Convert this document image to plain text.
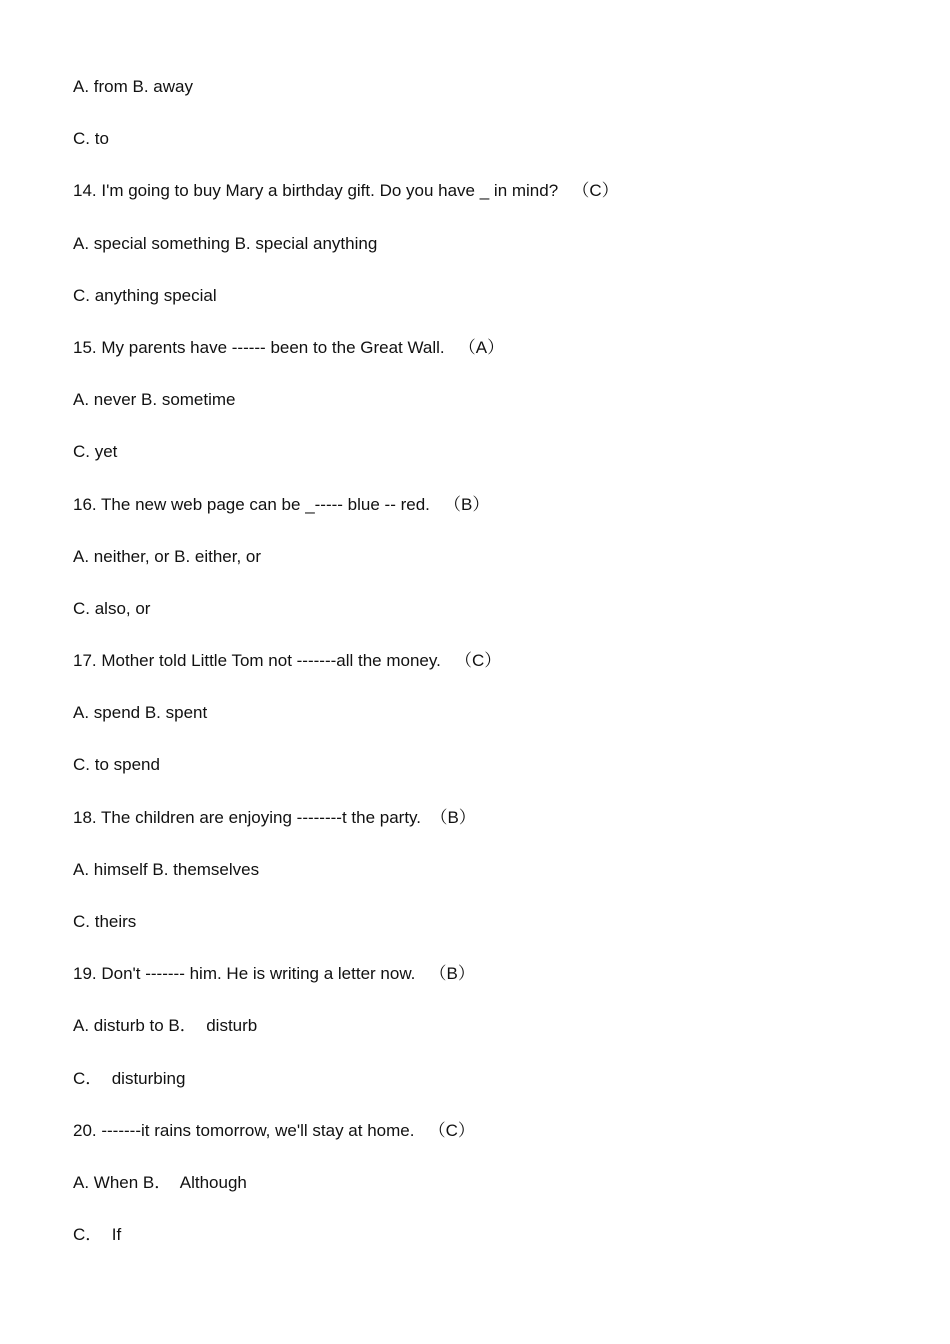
A. from B. away
C. to
14. I'm going to buy Mary a birthday gift. Do you have _ in mind?   （C）
A. special something B. special anything
C. anything special
15. My parents have ------ been to the Great Wall.   （A）
A. never B. sometime
C. yet
16. The new web page can be _----- blue -- red.   （B）
A. neither, or B. either, or
C. also, or
17. Mother told Little Tom not -------all the money.   （C）
A. spend B. spent
C. to spend
18. The children are enjoying --------t the party.  （B）
A. himself B. themselves
C. theirs
19. Don't ------- him. He is writing a letter now.   （B）
A. disturb to B．  disturb
C．  disturbing
20. -------it rains tomorrow, we'll stay at home.   （C）
A. When B．  Although
C．  If
